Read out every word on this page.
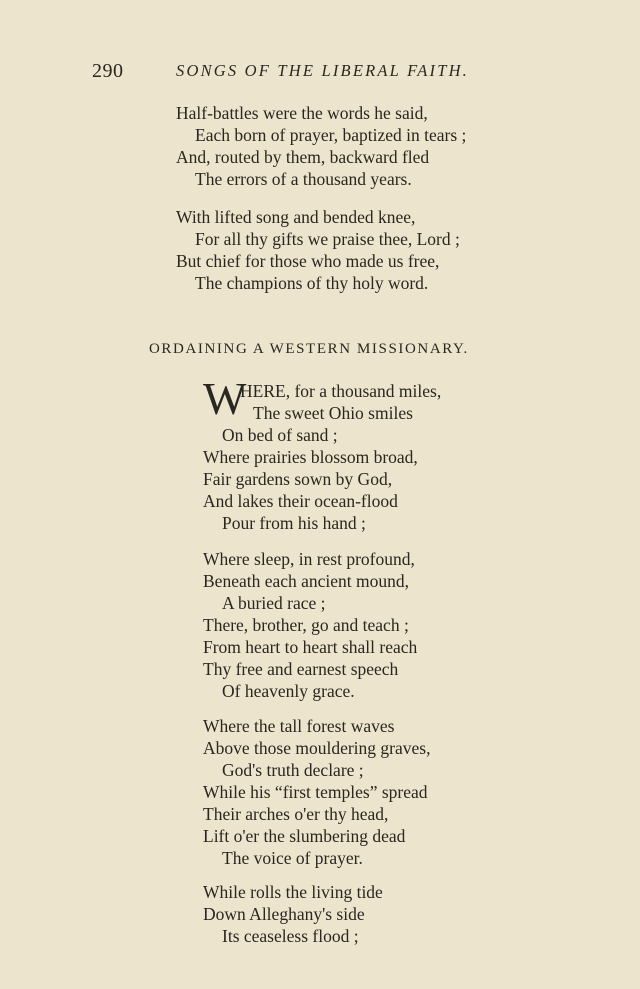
290	SONGS OF THE LIBERAL FAITH.
Half-battles were the words he said,
Each born of prayer, baptized in tears ;
And, routed by them, backward fled
The errors of a thousand years.
With lifted song and bended knee,
For all thy gifts we praise thee, Lord ;
But chief for those who made us free,
The champions of thy holy word.
ORDAINING A WESTERN MISSIONARY.
W
HERE, for a thousand miles,
The sweet Ohio smiles
On bed of sand ;
Where prairies blossom broad,
Fair gardens sown by God,
And lakes their ocean-flood
Pour from his hand ;
Where sleep, in rest profound,
Beneath each ancient mound,
A buried race ;
There, brother, go and teach ;
From heart to heart shall reach
Thy free and earnest speech
Of heavenly grace.
Where the tall forest waves
Above those mouldering graves,
God's truth declare ;
While his “first temples” spread
Their arches o'er thy head,
Lift o'er the slumbering dead
The voice of prayer.
While rolls the living tide
Down Alleghany's side
Its ceaseless flood ;
